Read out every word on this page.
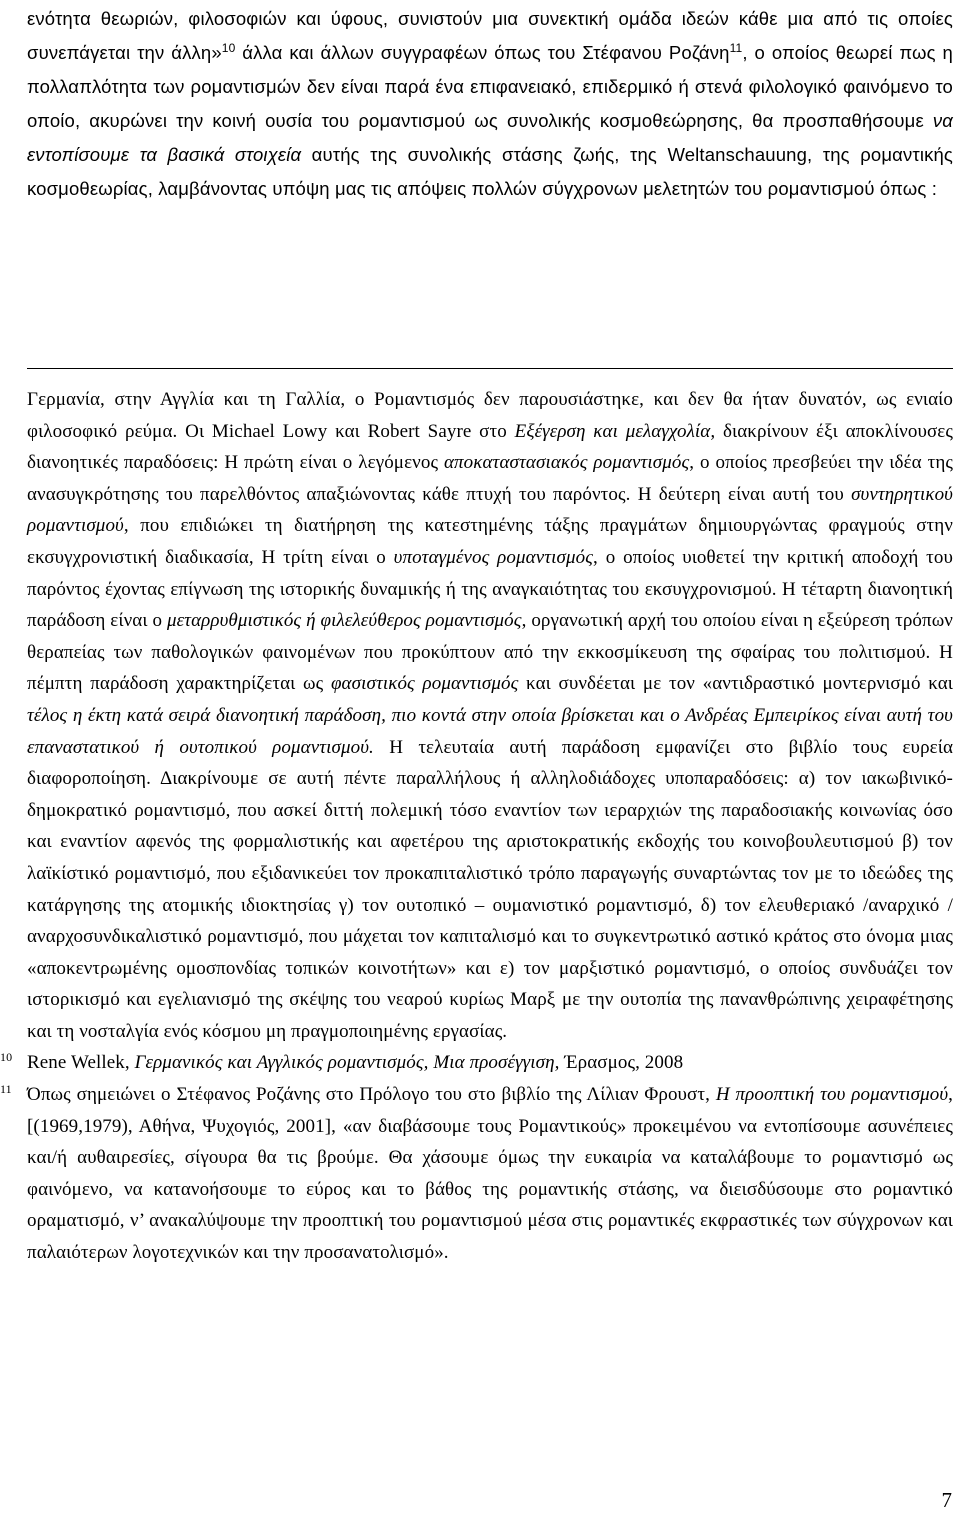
ενότητα θεωριών, φιλοσοφιών και ύφους, συνιστούν μια συνεκτική ομάδα ιδεών κάθε μια από τις οποίες συνεπάγεται την άλλη»$^{10}$ άλλα και άλλων συγγραφέων όπως του Στέφανου Ροζάνη$^{11}$, ο οποίος θεωρεί πως η πολλαπλότητα των ρομαντισμών δεν είναι παρά ένα επιφανειακό, επιδερμικό ή στενά φιλολογικό φαινόμενο το οποίο, ακυρώνει την κοινή ουσία του ρομαντισμού ως συνολικής κοσμοθεώρησης, θα προσπαθήσουμε να εντοπίσουμε τα βασικά στοιχεία αυτής της συνολικής στάσης ζωής, της Weltanschauung, της ρομαντικής κοσμοθεωρίας, λαμβάνοντας υπόψη μας τις απόψεις πολλών σύγχρονων μελετητών του ρομαντισμού όπως :

Γερμανία, στην Αγγλία και τη Γαλλία, ο Ρομαντισμός δεν παρουσιάστηκε, και δεν θα ήταν δυνατόν, ως ενιαίο φιλοσοφικό ρεύμα. Οι Michael Lowy και Robert Sayre στο Εξέγερση και μελαγχολία, διακρίνουν έξι αποκλίνουσες διανοητικές παραδόσεις: Η πρώτη είναι ο λεγόμενος αποκαταστασιακός ρομαντισμός, ο οποίος πρεσβεύει την ιδέα της ανασυγκρότησης του παρελθόντος απαξιώνοντας κάθε πτυχή του παρόντος. Η δεύτερη είναι αυτή του συντηρητικού ρομαντισμού, που επιδιώκει τη διατήρηση της κατεστημένης τάξης πραγμάτων δημιουργώντας φραγμούς στην εκσυγχρονιστική διαδικασία, Η τρίτη είναι ο υποταγμένος ρομαντισμός, ο οποίος υιοθετεί την κριτική αποδοχή του παρόντος έχοντας επίγνωση της ιστορικής δυναμικής ή της αναγκαιότητας του εκσυγχρονισμού. Η τέταρτη διανοητική παράδοση είναι ο μεταρρυθμιστικός ή φιλελεύθερος ρομαντισμός, οργανωτική αρχή του οποίου είναι η εξεύρεση τρόπων θεραπείας των παθολογικών φαινομένων που προκύπτουν από την εκκοσμίκευση της σφαίρας του πολιτισμού. Η πέμπτη παράδοση χαρακτηρίζεται ως φασιστικός ρομαντισμός και συνδέεται με τον «αντιδραστικό μοντερνισμό και τέλος η έκτη κατά σειρά διανοητική παράδοση, πιο κοντά στην οποία βρίσκεται και ο Ανδρέας Εμπειρίκος είναι αυτή του επαναστατικού ή ουτοπικού ρομαντισμού. Η τελευταία αυτή παράδοση εμφανίζει στο βιβλίο τους ευρεία διαφοροποίηση. Διακρίνουμε σε αυτή πέντε παραλλήλους ή αλληλοδιάδοχες υποπαραδόσεις: α) τον ιακωβινικό-δημοκρατικό ρομαντισμό, που ασκεί διττή πολεμική τόσο εναντίον των ιεραρχιών της παραδοσιακής κοινωνίας όσο και εναντίον αφενός της φορμαλιστικής και αφετέρου της αριστοκρατικής εκδοχής του κοινοβουλευτισμού β) τον λαϊκίστικό ρομαντισμό, που εξιδανικεύει τον προκαπιταλιστικό τρόπο παραγωγής συναρτώντας τον με το ιδεώδες της κατάργησης της ατομικής ιδιοκτησίας γ) τον ουτοπικό – ουμανιστικό ρομαντισμό, δ) τον ελευθεριακό /αναρχικό /αναρχοσυνδικαλιστικό ρομαντισμό, που μάχεται τον καπιταλισμό και το συγκεντρωτικό αστικό κράτος στο όνομα μιας «αποκεντρωμένης ομοσπονδίας τοπικών κοινοτήτων» και ε) τον μαρξιστικό ρομαντισμό, ο οποίος συνδυάζει τον ιστορικισμό και εγελιανισμό της σκέψης του νεαρού κυρίως Μαρξ με την ουτοπία της πανανθρώπινης χειραφέτησης και τη νοσταλγία ενός κόσμου μη πραγμοποιημένης εργασίας.

10 Rene Wellek, Γερμανικός και Αγγλικός ρομαντισμός, Μια προσέγγιση, Έρασμος, 2008

11 Όπως σημειώνει ο Στέφανος Ροζάνης στο Πρόλογο του στο βιβλίο της Λίλιαν Φρουστ, Η προοπτική του ρομαντισμού, [(1969,1979), Αθήνα, Ψυχογιός, 2001], «αν διαβάσουμε τους Ρομαντικούς» προκειμένου να εντοπίσουμε ασυνέπειες και/ή αυθαιρεσίες, σίγουρα θα τις βρούμε. Θα χάσουμε όμως την ευκαιρία να καταλάβουμε το ρομαντισμό ως φαινόμενο, να κατανοήσουμε το εύρος και το βάθος της ρομαντικής στάσης, να διεισδύσουμε στο ρομαντικό οραματισμό, ν’ ανακαλύψουμε την προοπτική του ρομαντισμού μέσα στις ρομαντικές εκφραστικές των σύγχρονων και παλαιότερων λογοτεχνικών και την προσανατολισμό».

7
